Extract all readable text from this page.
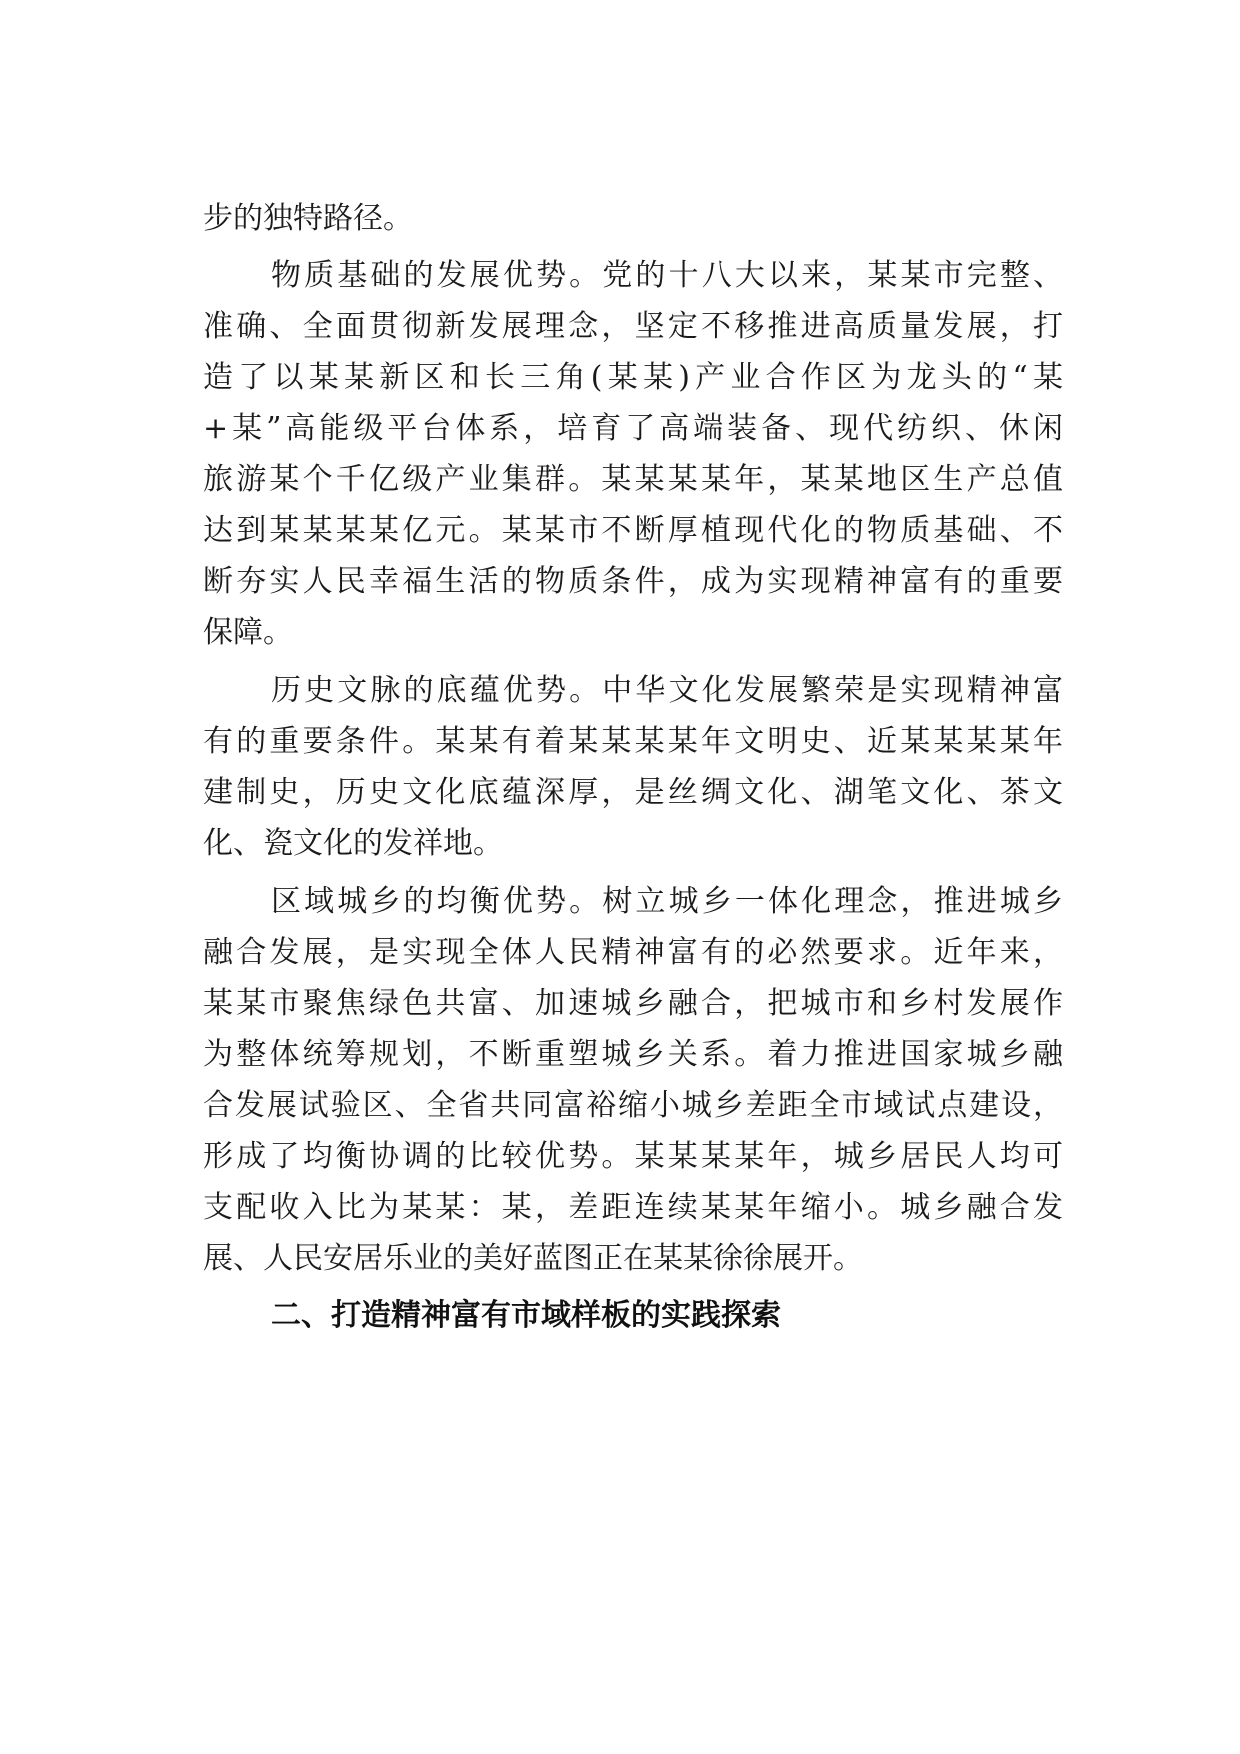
步的独特路径。
物质基础的发展优势。党的十八大以来，某某市完整、
准确、全面贯彻新发展理念，坚定不移推进高质量发展，打
造了以某某新区和长三角(某某)产业合作区为龙头的“某
+某”高能级平台体系，培育了高端装备、现代纺织、休闲
旅游某个千亿级产业集群。某某某某年，某某地区生产总值
达到某某某某亿元。某某市不断厚植现代化的物质基础、不
断夯实人民幸福生活的物质条件，成为实现精神富有的重要
保障。
历史文脉的底蕴优势。中华文化发展繁荣是实现精神富
有的重要条件。某某有着某某某某年文明史、近某某某某年
建制史，历史文化底蕴深厚，是丝绸文化、湖笔文化、茶文
化、瓷文化的发祥地。
区域城乡的均衡优势。树立城乡一体化理念，推进城乡
融合发展，是实现全体人民精神富有的必然要求。近年来，
某某市聚焦绿色共富、加速城乡融合，把城市和乡村发展作
为整体统筹规划，不断重塑城乡关系。着力推进国家城乡融
合发展试验区、全省共同富裕缩小城乡差距全市域试点建设，
形成了均衡协调的比较优势。某某某某年，城乡居民人均可
支配收入比为某某：某，差距连续某某年缩小。城乡融合发
展、人民安居乐业的美好蓝图正在某某徐徐展开。
二、打造精神富有市域样板的实践探索
